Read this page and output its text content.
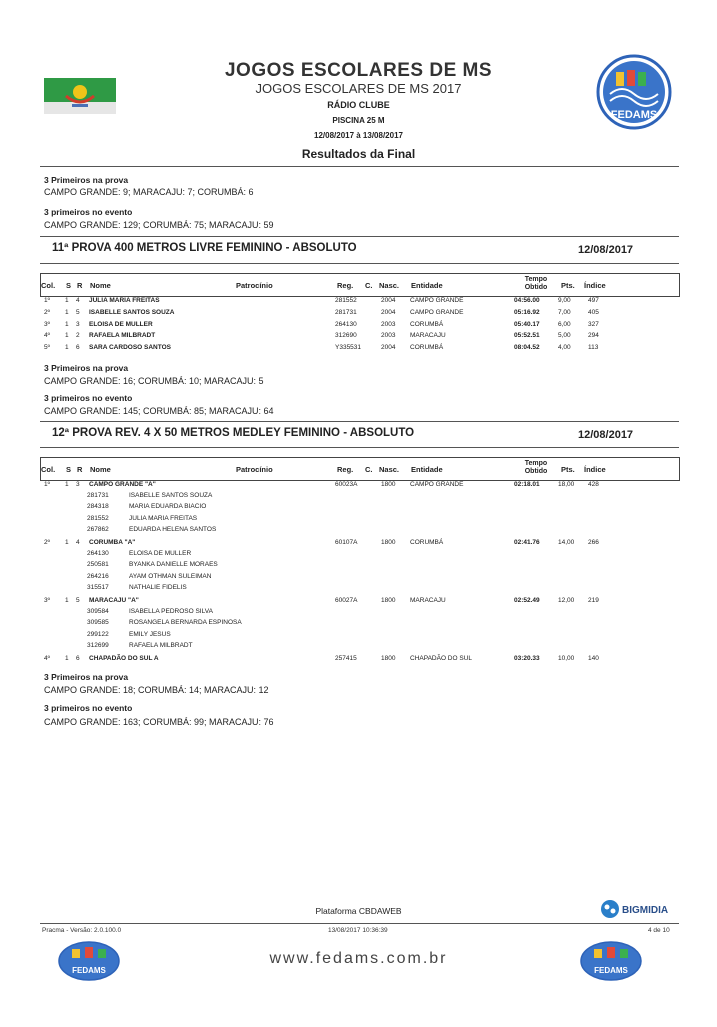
FEDAMS
JOGOS ESCOLARES DE MS
JOGOS ESCOLARES DE MS 2017
RÁDIO CLUBE
PISCINA 25 M
12/08/2017 à 13/08/2017
Resultados da Final
3 Primeiros na prova
CAMPO GRANDE: 9; MARACAJU: 7; CORUMBÁ: 6
3 primeiros no evento
CAMPO GRANDE: 129; CORUMBÁ: 75; MARACAJU: 59
11ª PROVA 400 METROS LIVRE FEMININO - ABSOLUTO	12/08/2017
Col. S R Nome	Patrocínio	Reg. C. Nasc. Entidade
Tempo
Obtido	Pts. Índice
1º 1 4 JULIA MARIA FREITAS	281552	2004 CAMPO GRANDE	04:56.00	9,00	497
2º 1 5 ISABELLE SANTOS SOUZA	281731	2004 CAMPO GRANDE	05:16.92	7,00	405
3º 1 3 ELOISA DE MULLER	264130	2003 CORUMBÁ	05:40.17	6,00	327
4º 1 2 RAFAELA MILBRADT	312690	2003 MARACAJU	05:52.51	5,00	294
5º 1 6 SARA CARDOSO SANTOS	Y335531	2004 CORUMBÁ	08:04.52	4,00	113
3 Primeiros na prova
CAMPO GRANDE: 16; CORUMBÁ: 10; MARACAJU: 5
3 primeiros no evento
CAMPO GRANDE: 145; CORUMBÁ: 85; MARACAJU: 64
12ª PROVA REV. 4 X 50 METROS MEDLEY FEMININO - ABSOLUTO	12/08/2017
Col. S R Nome	Patrocínio	Reg. C. Nasc. Entidade
Tempo
Obtido	Pts. Índice
1º 1 3 CAMPO GRANDE "A"	60023A	1800 CAMPO GRANDE	02:18.01	18,00 428
281731	ISABELLE SANTOS SOUZA
284318	MARIA EDUARDA BIACIO
281552	JULIA MARIA FREITAS
267862	EDUARDA HELENA SANTOS
2º 1 4 CORUMBA "A"	60107A	1800 CORUMBÁ	02:41.76	14,00 266
264130	ELOISA DE MULLER
250581	BYANKA DANIELLE MORAES
264216	AYAM OTHMAN SULEIMAN
315517	NATHALIE FIDELIS
3º 1 5 MARACAJU "A"	60027A	1800 MARACAJU	02:52.49	12,00 219
309584	ISABELLA PEDROSO SILVA
309585	ROSANGELA BERNARDA ESPINOSA
299122	EMILY JESUS
312699	RAFAELA MILBRADT
4º 1 6 CHAPADÃO DO SUL A	257415	1800 CHAPADÃO DO SUL	03:20.33	10,00 140
3 Primeiros na prova
CAMPO GRANDE: 18; CORUMBÁ: 14; MARACAJU: 12
3 primeiros no evento
CAMPO GRANDE: 163; CORUMBÁ: 99; MARACAJU: 76
Plataforma CBDAWEB	BIGMIDIA
Pracma - Versão: 2.0.100.0	13/08/2017 10:36:39	4 de 10
FEDAMS
www.fedams.com.br
FEDAMS
